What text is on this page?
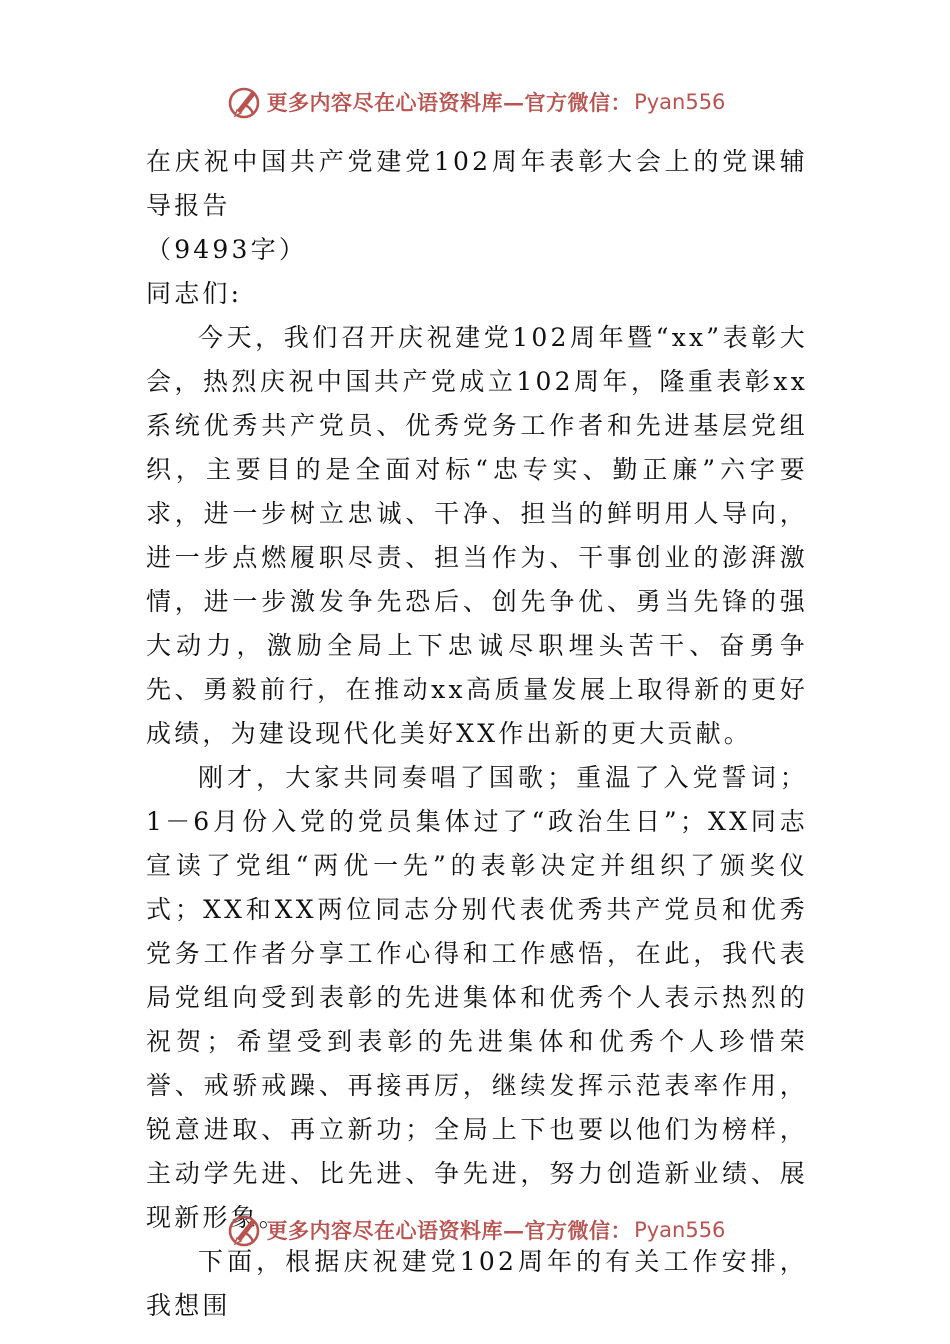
更多内容尽在心语资料库—官方微信： Pyan556

在庆祝中国共产党建党102周年表彰大会上的党课辅导报告

（9493字）

同志们:

今天，我们召开庆祝建党102周年暨“xx”表彰大会，热烈庆祝中国共产党成立102周年，隆重表彰xx系统优秀共产党员、优秀党务工作者和先进基层党组织，主要目的是全面对标“忠专实、勤正廉”六字要求，进一步树立忠诚、干净、担当的鲜明用人导向，进一步点燃履职尽责、担当作为、干事创业的澎湃激情，进一步激发争先恐后、创先争优、勇当先锋的强大动力，激励全局上下忠诚尽职埋头苦干、奋勇争先、勇毅前行，在推动xx高质量发展上取得新的更好成绩，为建设现代化美好XX作出新的更大贡献。

刚才，大家共同奏唱了国歌；重温了入党誓词；1－6月份入党的党员集体过了“政治生日”；XX同志宣读了党组“两优一先”的表彰决定并组织了颁奖仪式；XX和XX两位同志分别代表优秀共产党员和优秀党务工作者分享工作心得和工作感悟，在此，我代表局党组向受到表彰的先进集体和优秀个人表示热烈的祝贺；希望受到表彰的先进集体和优秀个人珍惜荣誉、戒骄戒躁、再接再厉，继续发挥示范表率作用，锐意进取、再立新功；全局上下也要以他们为榜样，主动学先进、比先进、争先进，努力创造新业绩、展现新形象。

下面，根据庆祝建党102周年的有关工作安排，我想围

更多内容尽在心语资料库—官方微信： Pyan556
